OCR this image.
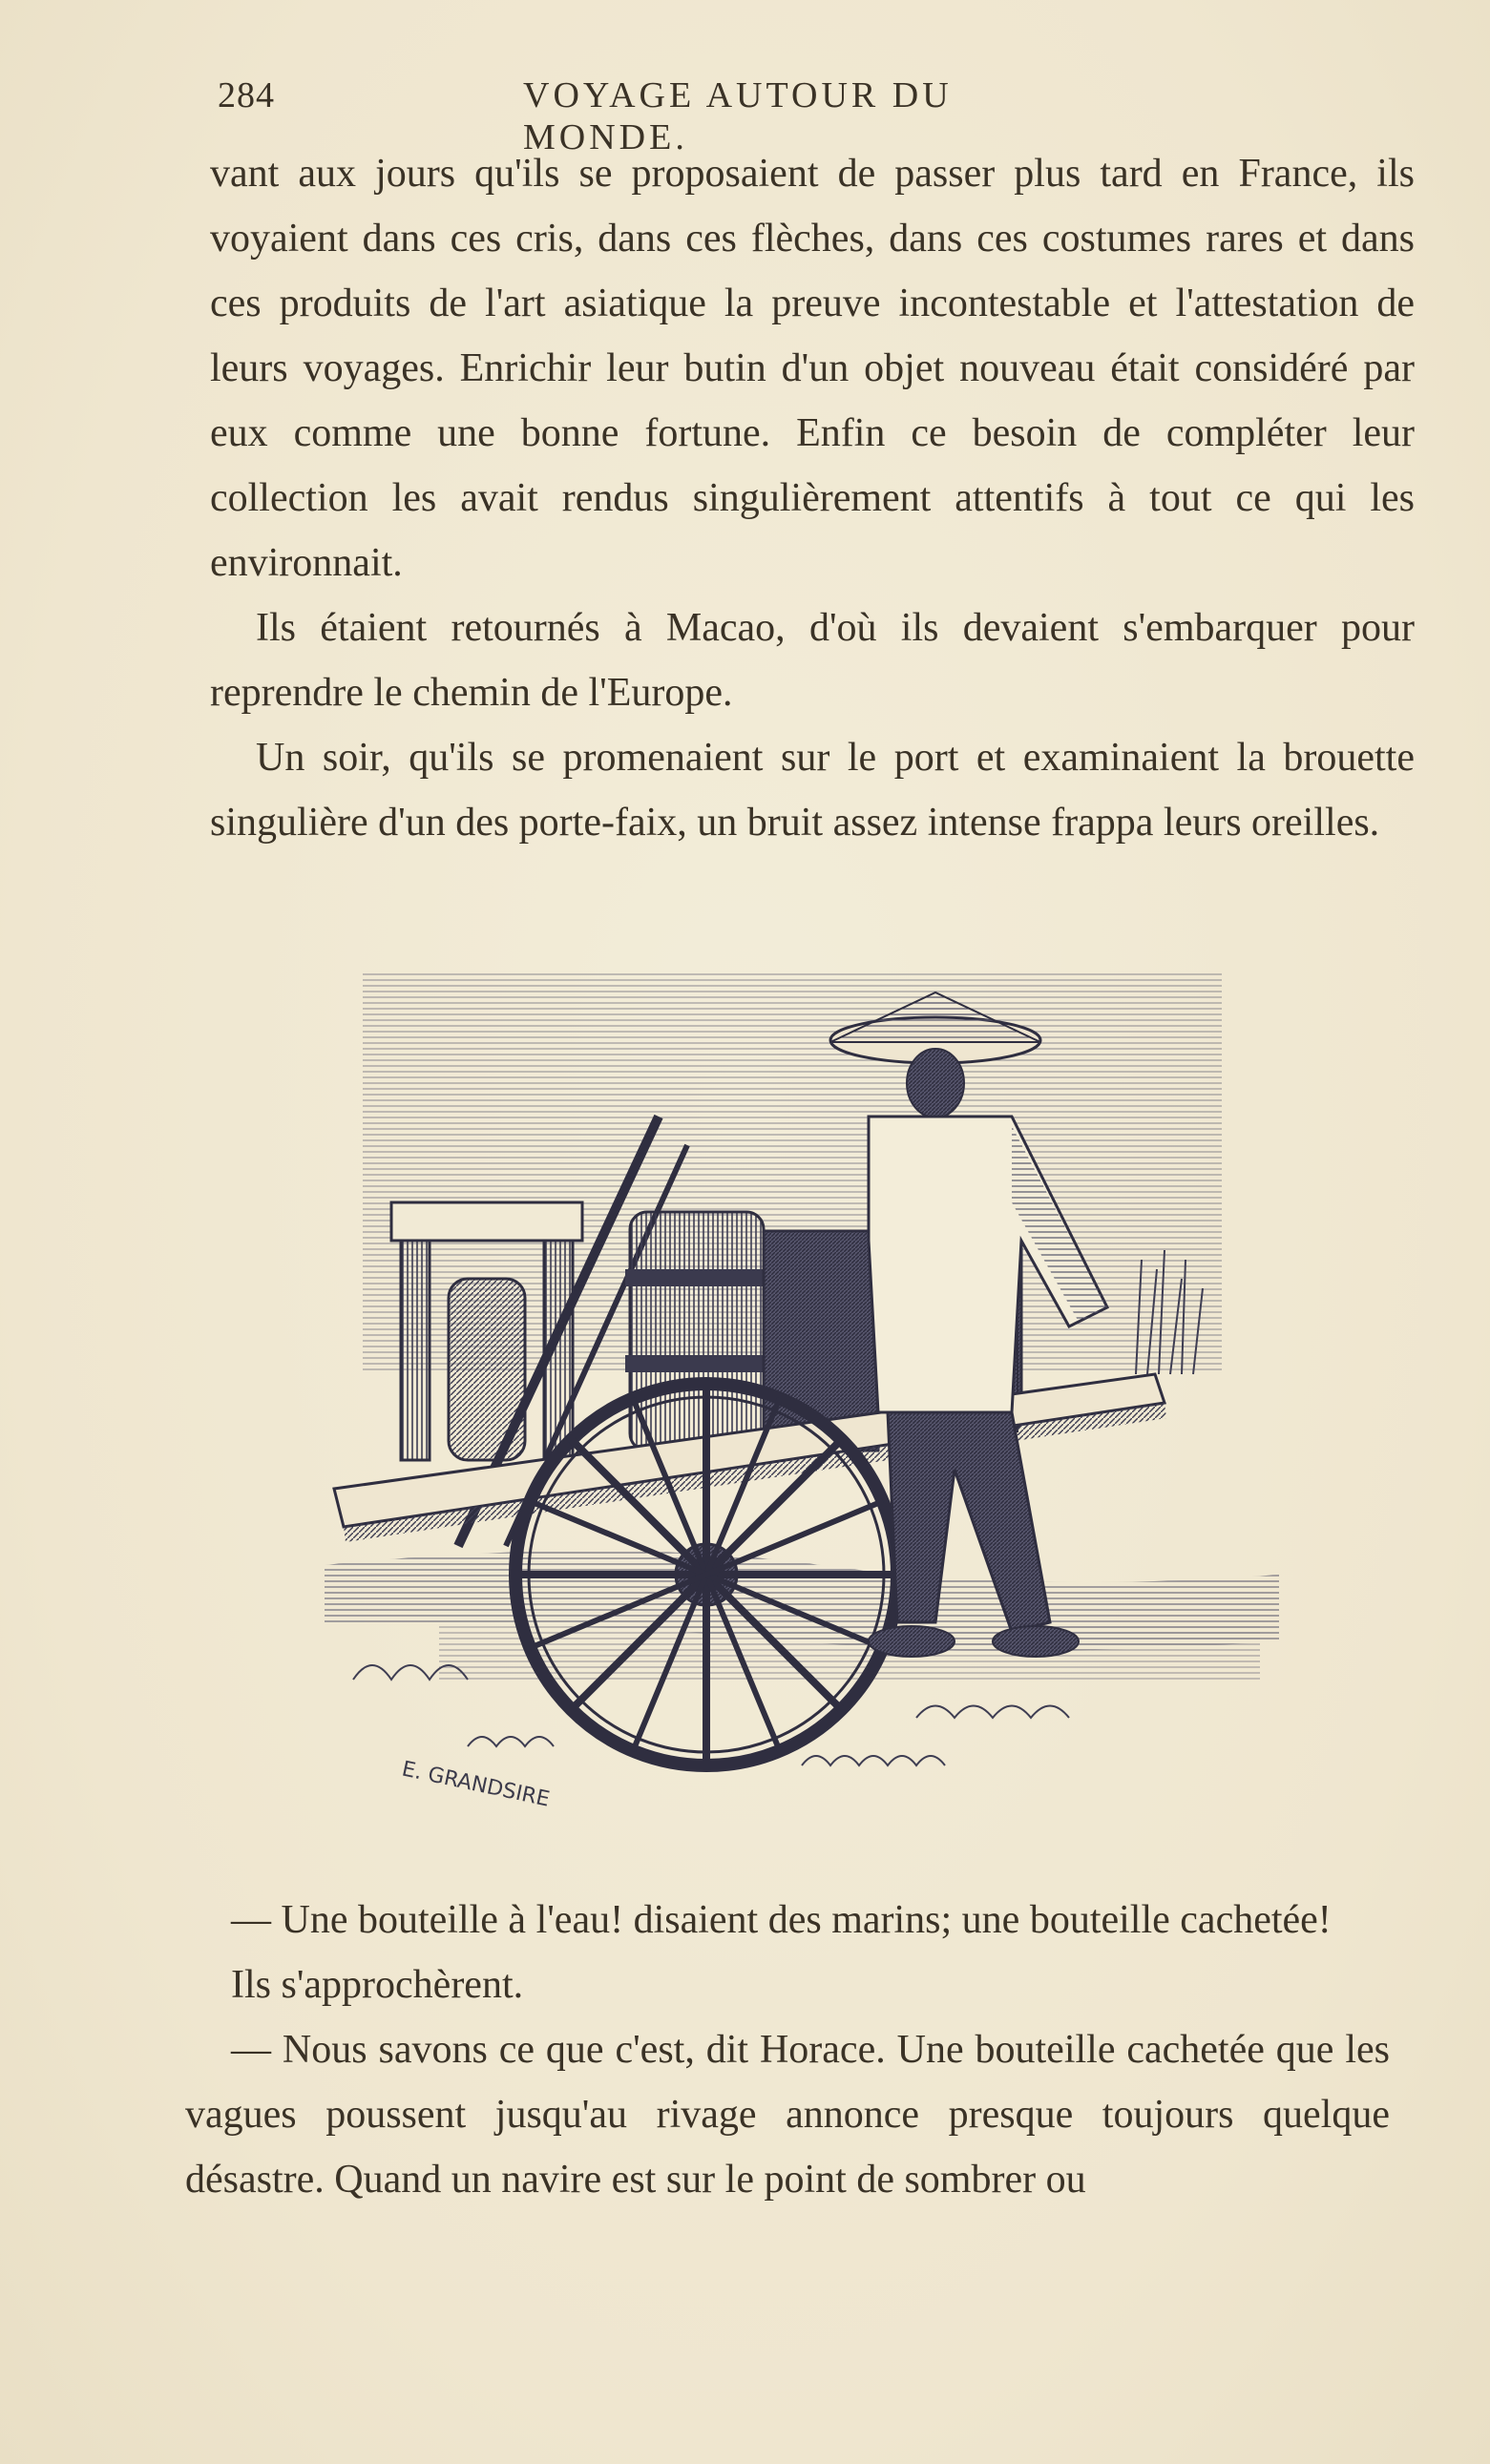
284	VOYAGE AUTOUR DU MONDE.

vant aux jours qu'ils se proposaient de passer plus tard en France, ils voyaient dans ces cris, dans ces flèches, dans ces costumes rares et dans ces produits de l'art asiatique la preuve incontestable et l'attestation de leurs voyages. Enrichir leur butin d'un objet nouveau était considéré par eux comme une bonne fortune. Enfin ce besoin de compléter leur collection les avait rendus singulièrement attentifs à tout ce qui les environnait.

Ils étaient retournés à Macao, d'où ils devaient s'embarquer pour reprendre le chemin de l'Europe.

Un soir, qu'ils se promenaient sur le port et examinaient la brouette singulière d'un des porte-faix, un bruit assez intense frappa leurs oreilles.

E. GRANDSIRE

— Une bouteille à l'eau! disaient des marins; une bouteille cachetée!

Ils s'approchèrent.

— Nous savons ce que c'est, dit Horace. Une bouteille cachetée que les vagues poussent jusqu'au rivage annonce presque toujours quelque désastre. Quand un navire est sur le point de sombrer ou
